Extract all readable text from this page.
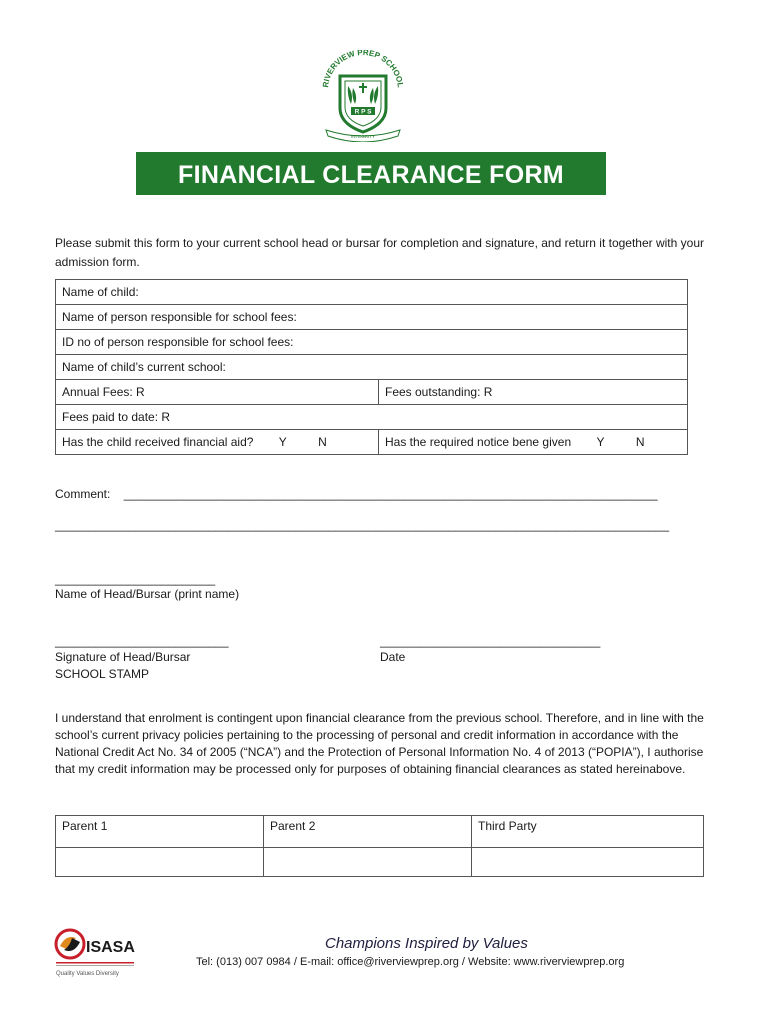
RIVERVIEW PREP SCHOOL
R P S
INTEGRITY
FINANCIAL CLEARANCE FORM
Please submit this form to your current school head or bursar for completion and signature, and return it together with your admission form.
Name of child:	
Name of person responsible for school fees:	
ID no of person responsible for school fees:	
Name of child’s current school:	
Annual Fees: R	Fees outstanding: R
Fees paid to date: R	
Has the child received financial aid? Y N	Has the required notice bene given Y N
Comment: ________________________________________________________________________________
____________________________________________________________________________________________
________________________
Name of Head/Bursar (print name)
__________________________
Signature of Head/Bursar
SCHOOL STAMP
_________________________________
Date
I understand that enrolment is contingent upon financial clearance from the previous school. Therefore, and in line with the school’s current privacy policies pertaining to the processing of personal and credit information in accordance with the National Credit Act No. 34 of 2005 (“NCA”) and the Protection of Personal Information No. 4 of 2013 (“POPIA”), I authorise that my credit information may be processed only for purposes of obtaining financial clearances as stated hereinabove.
Parent 1	Parent 2	Third Party

ISASA
Quality Values Diversity
Champions Inspired by Values
Tel: (013) 007 0984 / E-mail: office@riverviewprep.org / Website: www.riverviewprep.org
